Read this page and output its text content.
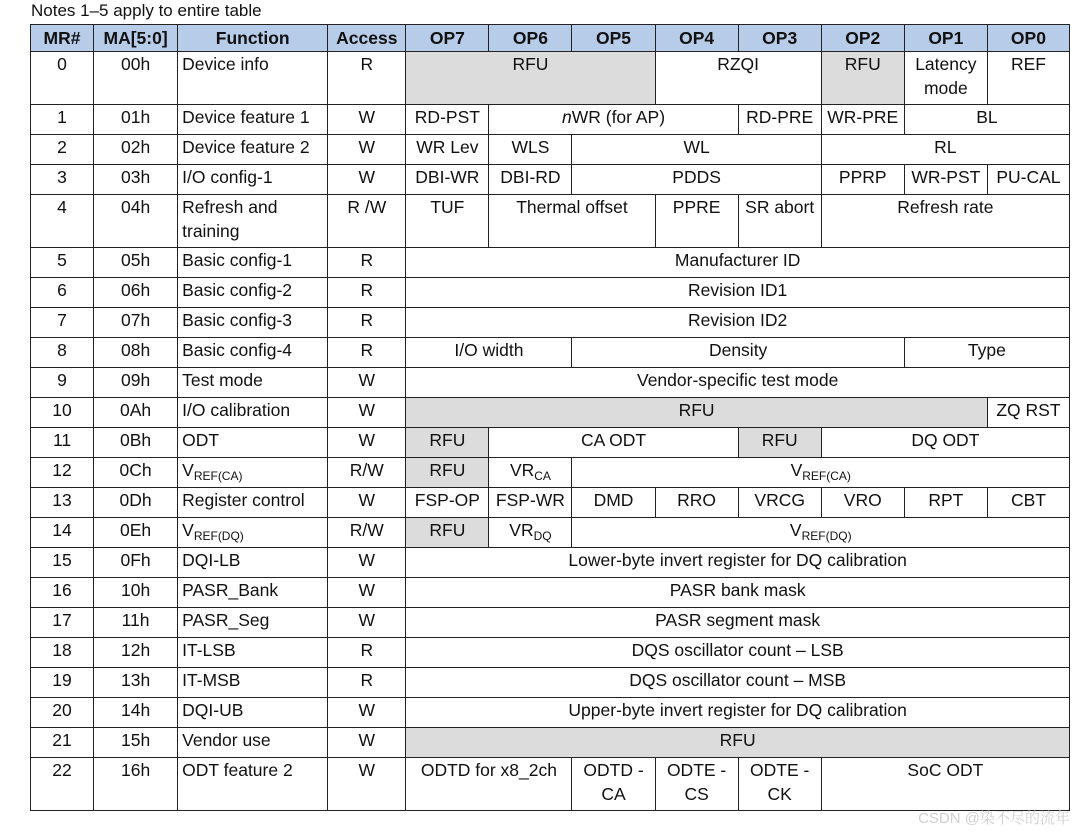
Notes 1–5 apply to entire table
MR#	MA[5:0]	Function	Access	OP7	OP6	OP5	OP4	OP3	OP2	OP1	OP0
0	00h	Device info	R	RFU			RZQI		RFU	Latency mode	REF
1	01h	Device feature 1	W	RD-PST	nWR (for AP)			RD-PRE	WR-PRE	BL	
2	02h	Device feature 2	W	WR Lev	WLS	WL			RL		
3	03h	I/O config-1	W	DBI-WR	DBI-RD	PDDS			PPRP	WR-PST	PU-CAL
4	04h	Refresh and training	R /W	TUF	Thermal offset		PPRE	SR abort	Refresh rate		
5	05h	Basic config-1	R	Manufacturer ID							
6	06h	Basic config-2	R	Revision ID1							
7	07h	Basic config-3	R	Revision ID2							
8	08h	Basic config-4	R	I/O width		Density				Type	
9	09h	Test mode	W	Vendor-specific test mode							
10	0Ah	I/O calibration	W	RFU							ZQ RST
11	0Bh	ODT	W	RFU	CA ODT			RFU	DQ ODT		
12	0Ch	$V_{REF(CA)}$	R/W	RFU	$VR_{CA}$	$V_{REF(CA)}$
13	0Dh	Register control	W	FSP-OP	FSP-WR	DMD	RRO	VRCG	VRO	RPT	CBT
14	0Eh	$V_{REF(DQ)}$	R/W	RFU	$VR_{DQ}$	$V_{REF(DQ)}$
15	0Fh	DQI-LB	W	Lower-byte invert register for DQ calibration							
16	10h	PASR_Bank	W	PASR bank mask							
17	11h	PASR_Seg	W	PASR segment mask							
18	12h	IT-LSB	R	DQS oscillator count – LSB							
19	13h	IT-MSB	R	DQS oscillator count – MSB							
20	14h	DQI-UB	W	Upper-byte invert register for DQ calibration							
21	15h	Vendor use	W	RFU							
22	16h	ODT feature 2	W	ODTD for x8_2ch		ODTD -CA	ODTE -CS	ODTE -CK	SoC ODT		
CSDN @染不尽的流年
